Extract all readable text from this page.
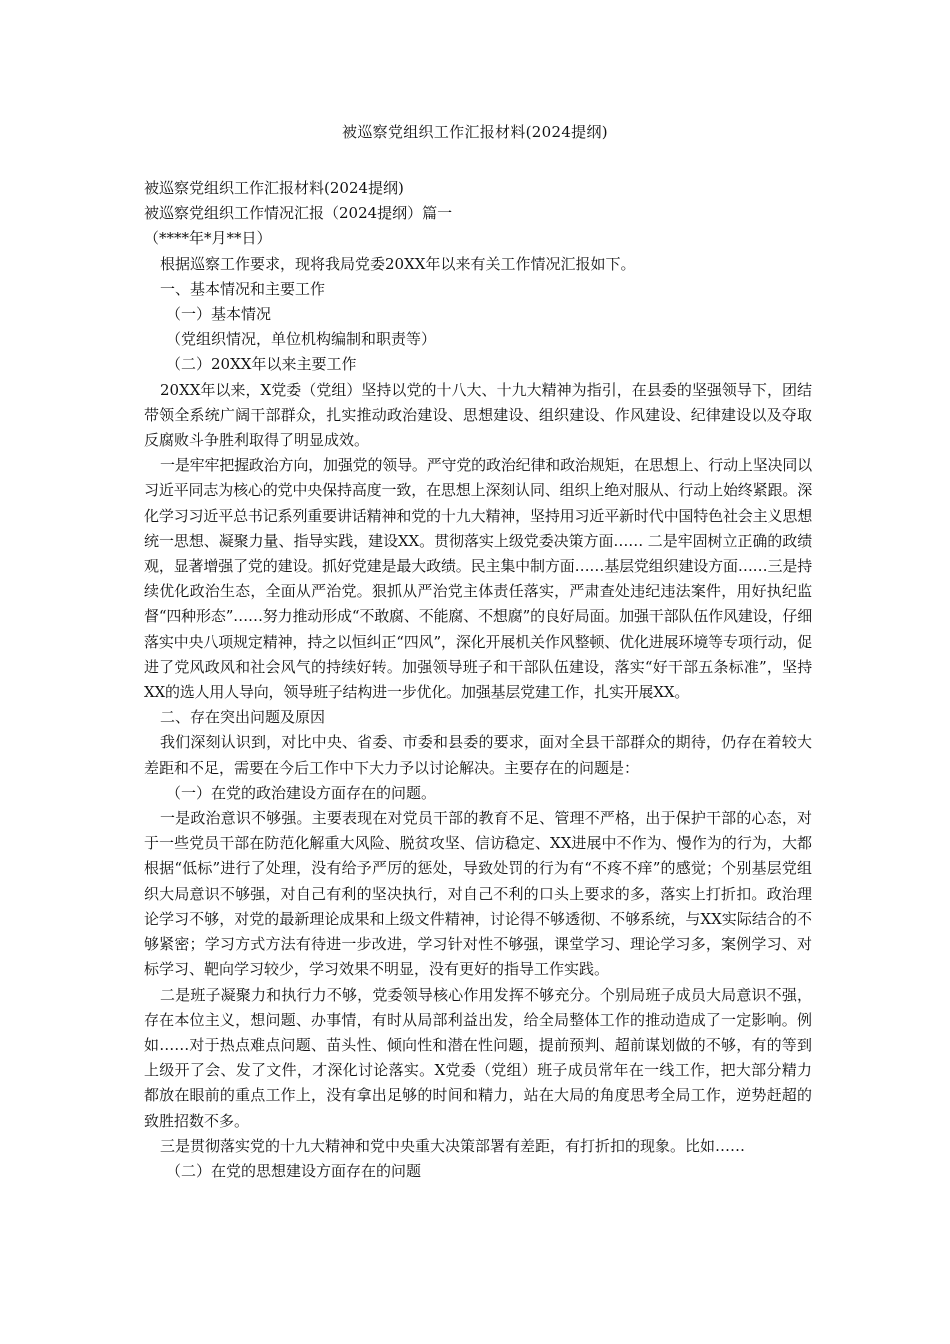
被巡察党组织工作汇报材料(2024提纲)

被巡察党组织工作汇报材料(2024提纲)

被巡察党组织工作情况汇报（2024提纲）篇一

（****年*月**日）

根据巡察工作要求，现将我局党委20XX年以来有关工作情况汇报如下。

一、基本情况和主要工作

（一）基本情况

（党组织情况，单位机构编制和职责等）

（二）20XX年以来主要工作

20XX年以来，X党委（党组）坚持以党的十八大、十九大精神为指引，在县委的坚强领导下，团结带领全系统广阔干部群众，扎实推动政治建设、思想建设、组织建设、作风建设、纪律建设以及夺取反腐败斗争胜利取得了明显成效。

一是牢牢把握政治方向，加强党的领导。严守党的政治纪律和政治规矩，在思想上、行动上坚决同以习近平同志为核心的党中央保持高度一致，在思想上深刻认同、组织上绝对服从、行动上始终紧跟。深化学习习近平总书记系列重要讲话精神和党的十九大精神，坚持用习近平新时代中国特色社会主义思想统一思想、凝聚力量、指导实践，建设XX。贯彻落实上级党委决策方面…… 二是牢固树立正确的政绩观，显著增强了党的建设。抓好党建是最大政绩。民主集中制方面……基层党组织建设方面……三是持续优化政治生态，全面从严治党。狠抓从严治党主体责任落实，严肃查处违纪违法案件，用好执纪监督“四种形态”……努力推动形成“不敢腐、不能腐、不想腐”的良好局面。加强干部队伍作风建设，仔细落实中央八项规定精神，持之以恒纠正“四风”，深化开展机关作风整顿、优化进展环境等专项行动，促进了党风政风和社会风气的持续好转。加强领导班子和干部队伍建设，落实“好干部五条标准”，坚持XX的选人用人导向，领导班子结构进一步优化。加强基层党建工作，扎实开展XX。

二、存在突出问题及原因

我们深刻认识到，对比中央、省委、市委和县委的要求，面对全县干部群众的期待，仍存在着较大差距和不足，需要在今后工作中下大力予以讨论解决。主要存在的问题是：

（一）在党的政治建设方面存在的问题。

一是政治意识不够强。主要表现在对党员干部的教育不足、管理不严格，出于保护干部的心态，对于一些党员干部在防范化解重大风险、脱贫攻坚、信访稳定、XX进展中不作为、慢作为的行为，大都根据“低标”进行了处理，没有给予严厉的惩处，导致处罚的行为有“不疼不痒”的感觉；个别基层党组织大局意识不够强，对自己有利的坚决执行，对自己不利的口头上要求的多，落实上打折扣。政治理论学习不够，对党的最新理论成果和上级文件精神，讨论得不够透彻、不够系统，与XX实际结合的不够紧密；学习方式方法有待进一步改进，学习针对性不够强，课堂学习、理论学习多，案例学习、对标学习、靶向学习较少，学习效果不明显，没有更好的指导工作实践。

二是班子凝聚力和执行力不够，党委领导核心作用发挥不够充分。个别局班子成员大局意识不强，存在本位主义，想问题、办事情，有时从局部利益出发，给全局整体工作的推动造成了一定影响。例如……对于热点难点问题、苗头性、倾向性和潜在性问题，提前预判、超前谋划做的不够，有的等到上级开了会、发了文件，才深化讨论落实。X党委（党组）班子成员常年在一线工作，把大部分精力都放在眼前的重点工作上，没有拿出足够的时间和精力，站在大局的角度思考全局工作，逆势赶超的致胜招数不多。

三是贯彻落实党的十九大精神和党中央重大决策部署有差距，有打折扣的现象。比如……

（二）在党的思想建设方面存在的问题
